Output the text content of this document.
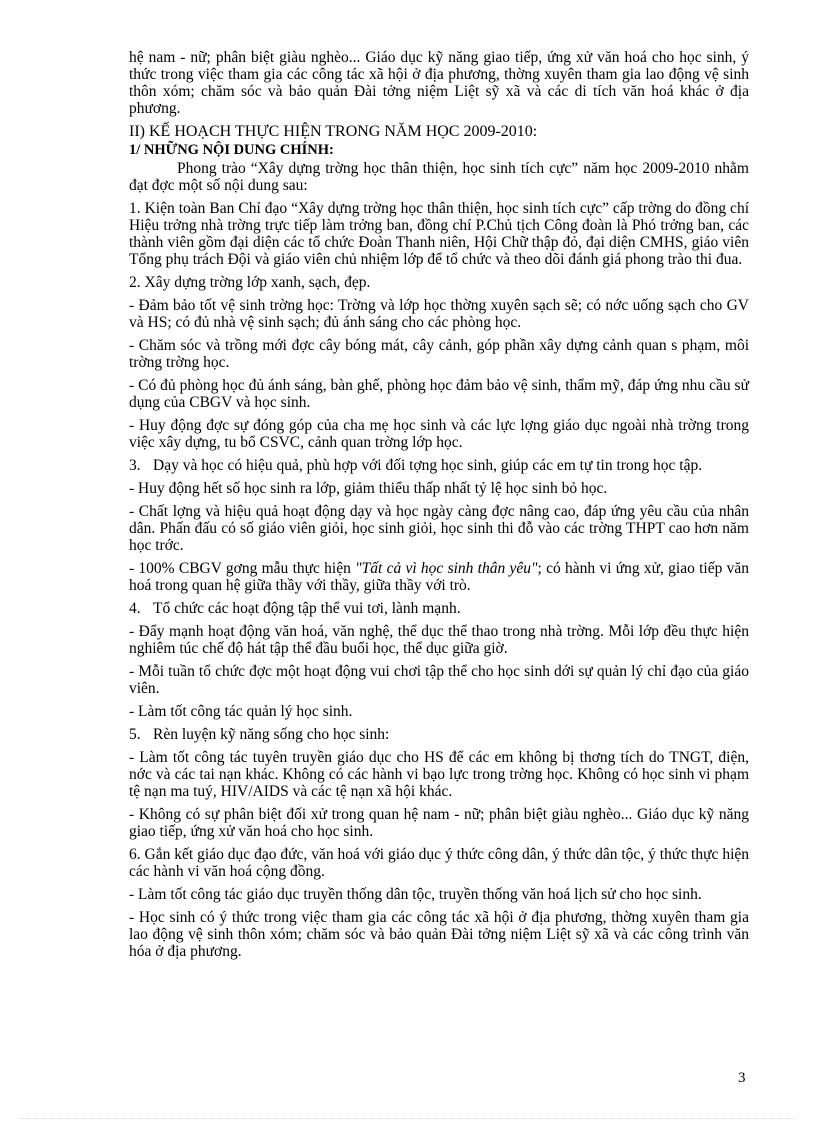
hệ nam - nữ; phân biệt giàu nghèo... Giáo dục kỹ năng giao tiếp, ứng xử văn hoá cho học sinh, ý thức trong việc tham gia các công tác xã hội ở địa phương, thờng xuyên tham gia lao động vệ sinh thôn xóm; chăm sóc và bảo quản Đài tởng niệm Liệt sỹ xã và các di tích văn hoá khác ở địa phương.

II) KẾ HOẠCH THỰC HIỆN TRONG NĂM HỌC 2009-2010:

1/ NHỮNG NỘI DUNG CHÍNH:

Phong trào “Xây dựng trờng học thân thiện, học sinh tích cực” năm học 2009-2010 nhằm đạt đợc một số nội dung sau:

1. Kiện toàn Ban Chỉ đạo “Xây dựng trờng học thân thiện, học sinh tích cực” cấp trờng do đồng chí Hiệu trởng nhà trờng trực tiếp làm trởng ban, đồng chí P.Chủ tịch Công đoàn là Phó trởng ban, các thành viên gồm đại diện các tổ chức Đoàn Thanh niên, Hội Chữ thập đỏ, đại diện CMHS, giáo viên Tổng phụ trách Đội và giáo viên chủ nhiệm lớp để tổ chức và theo dõi đánh giá phong trào thi đua.

2. Xây dựng trờng lớp xanh, sạch, đẹp.

- Đảm bảo tốt vệ sinh trờng học: Trờng và lớp học thờng xuyên sạch sẽ; có nớc uống sạch cho GV và HS; có đủ nhà vệ sinh sạch; đủ ánh sáng cho các phòng học.

- Chăm sóc và trồng mới đợc cây bóng mát, cây cảnh, góp phần xây dựng cảnh quan s phạm, môi trờng trờng học.

- Có đủ phòng học đủ ánh sáng, bàn ghế, phòng học đảm bảo vệ sinh, thẩm mỹ, đáp ứng nhu cầu sử dụng của CBGV và học sinh.

- Huy động đợc sự đóng góp của cha mẹ học sinh và các lực lợng giáo dục ngoài nhà trờng trong việc xây dựng, tu bổ CSVC, cảnh quan trờng lớp học.

3. Dạy và học có hiệu quả, phù hợp với đối tợng học sinh, giúp các em tự tin trong học tập.

- Huy động hết số học sinh ra lớp, giảm thiểu thấp nhất tỷ lệ học sinh bỏ học.

- Chất lợng và hiệu quả hoạt động dạy và học ngày càng đợc nâng cao, đáp ứng yêu cầu của nhân dân. Phấn đấu có số giáo viên giỏi, học sinh giỏi, học sinh thi đỗ vào các trờng THPT cao hơn năm học trớc.

- 100% CBGV gơng mẫu thực hiện "Tất cả vì học sinh thân yêu"; có hành vi ứng xử, giao tiếp văn hoá trong quan hệ giữa thầy với thầy, giữa thầy với trò.

4. Tổ chức các hoạt động tập thể vui tơi, lành mạnh.

- Đẩy mạnh hoạt động văn hoá, văn nghệ, thể dục thể thao trong nhà trờng. Mỗi lớp đều thực hiện nghiêm túc chế độ hát tập thể đầu buổi học, thể dục giữa giờ.

- Mỗi tuần tổ chức đợc một hoạt động vui chơi tập thể cho học sinh dới sự quản lý chỉ đạo của giáo viên.

- Làm tốt công tác quản lý học sinh.

5. Rèn luyện kỹ năng sống cho học sinh:

- Làm tốt công tác tuyên truyền giáo dục cho HS để các em không bị thơng tích do TNGT, điện, nớc và các tai nạn khác. Không có các hành vi bạo lực trong trờng học. Không có học sinh vi phạm tệ nạn ma tuý, HIV/AIDS và các tệ nạn xã hội khác.

- Không có sự phân biệt đối xử trong quan hệ nam - nữ; phân biệt giàu nghèo... Giáo dục kỹ năng giao tiếp, ứng xử văn hoá cho học sinh.

6. Gắn kết giáo dục đạo đức, văn hoá với giáo dục ý thức công dân, ý thức dân tộc, ý thức thực hiện các hành vi văn hoá cộng đồng.

- Làm tốt công tác giáo dục truyền thống dân tộc, truyền thống văn hoá lịch sử cho học sinh.

- Học sinh có ý thức trong việc tham gia các công tác xã hội ở địa phương, thờng xuyên tham gia lao động vệ sinh thôn xóm; chăm sóc và bảo quản Đài tởng niệm Liệt sỹ xã và các công trình văn hóa ở địa phương.

3
